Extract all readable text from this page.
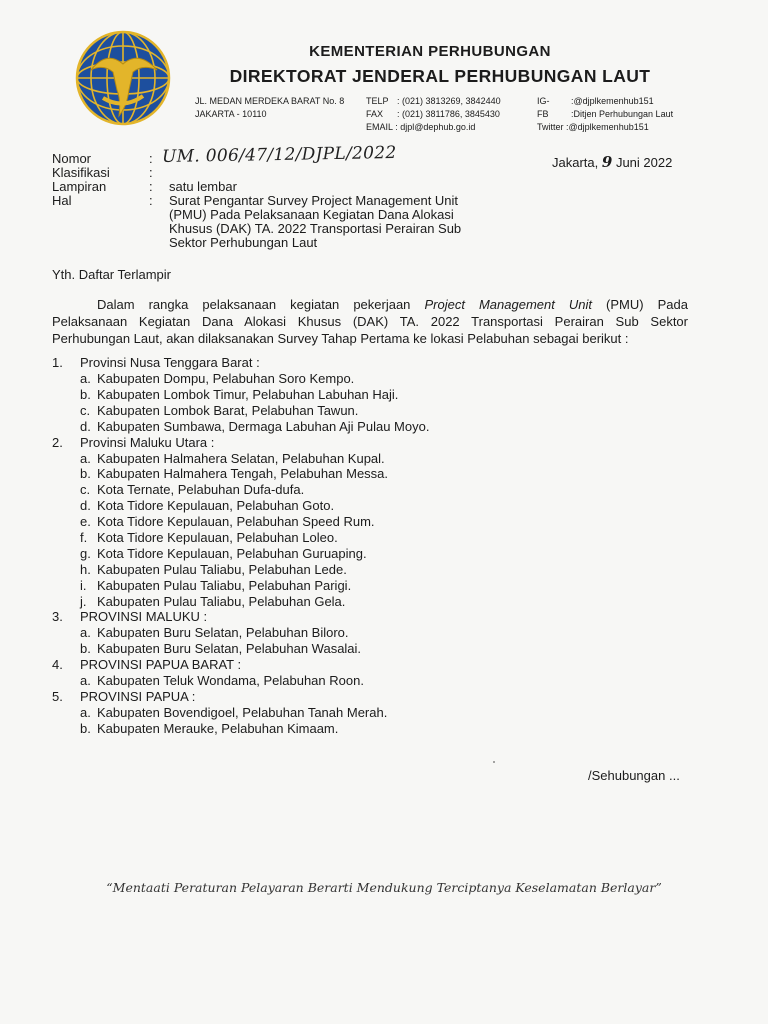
KEMENTERIAN PERHUBUNGAN
DIREKTORAT JENDERAL PERHUBUNGAN LAUT
JL. MEDAN MERDEKA BARAT No. 8
JAKARTA - 10110
TELP : (021) 3813269, 3842440
FAX : (021) 3811786, 3845430
EMAIL : djpl@dephub.go.id
IG- :@djplkemenhub151
FB :Ditjen Perhubungan Laut
Twitter :@djplkemenhub151
Nomor
Klasifikasi
Lampiran
Hal
:
:
:
:
UM. 006/47/12/DJPL/2022
satu lembar
Surat Pengantar Survey Project Management Unit
(PMU) Pada Pelaksanaan Kegiatan Dana Alokasi
Khusus (DAK) TA. 2022 Transportasi Perairan Sub
Sektor Perhubungan Laut
Jakarta, 9 Juni 2022
Yth. Daftar Terlampir
Dalam rangka pelaksanaan kegiatan pekerjaan Project Management Unit (PMU) Pada
Pelaksanaan Kegiatan Dana Alokasi Khusus (DAK) TA. 2022 Transportasi Perairan Sub Sektor
Perhubungan Laut, akan dilaksanakan Survey Tahap Pertama ke lokasi Pelabuhan sebagai berikut :
1. Provinsi Nusa Tenggara Barat :
a. Kabupaten Dompu, Pelabuhan Soro Kempo.
b. Kabupaten Lombok Timur, Pelabuhan Labuhan Haji.
c. Kabupaten Lombok Barat, Pelabuhan Tawun.
d. Kabupaten Sumbawa, Dermaga Labuhan Aji Pulau Moyo.
2. Provinsi Maluku Utara :
a. Kabupaten Halmahera Selatan, Pelabuhan Kupal.
b. Kabupaten Halmahera Tengah, Pelabuhan Messa.
c. Kota Ternate, Pelabuhan Dufa-dufa.
d. Kota Tidore Kepulauan, Pelabuhan Goto.
e. Kota Tidore Kepulauan, Pelabuhan Speed Rum.
f. Kota Tidore Kepulauan, Pelabuhan Loleo.
g. Kota Tidore Kepulauan, Pelabuhan Guruaping.
h. Kabupaten Pulau Taliabu, Pelabuhan Lede.
i. Kabupaten Pulau Taliabu, Pelabuhan Parigi.
j. Kabupaten Pulau Taliabu, Pelabuhan Gela.
3. PROVINSI MALUKU :
a. Kabupaten Buru Selatan, Pelabuhan Biloro.
b. Kabupaten Buru Selatan, Pelabuhan Wasalai.
4. PROVINSI PAPUA BARAT :
a. Kabupaten Teluk Wondama, Pelabuhan Roon.
5. PROVINSI PAPUA :
a. Kabupaten Bovendigoel, Pelabuhan Tanah Merah.
b. Kabupaten Merauke, Pelabuhan Kimaam.
/Sehubungan ...
“Mentaati Peraturan Pelayaran Berarti Mendukung Terciptanya Keselamatan Berlayar”
